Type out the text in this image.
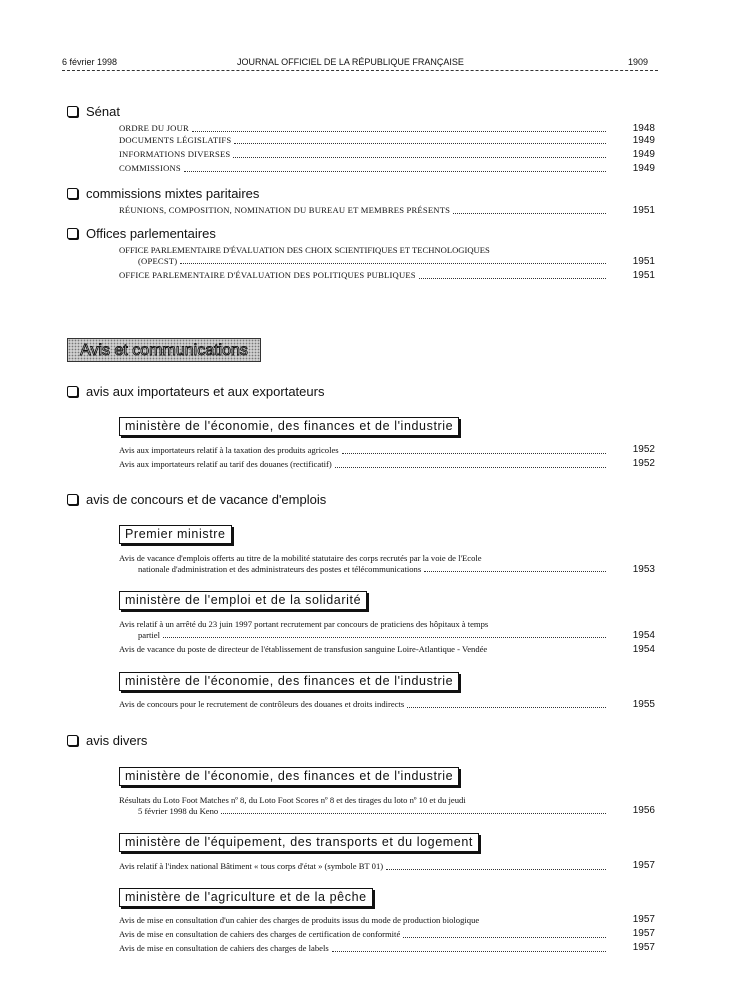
6 février 1998	JOURNAL OFFICIEL DE LA RÉPUBLIQUE FRANÇAISE	1909
Sénat
ORDRE DU JOUR	1948
DOCUMENTS LÉGISLATIFS	1949
INFORMATIONS DIVERSES	1949
COMMISSIONS	1949
commissions mixtes paritaires
RÉUNIONS, COMPOSITION, NOMINATION DU BUREAU ET MEMBRES PRÉSENTS	1951
Offices parlementaires
OFFICE PARLEMENTAIRE D'ÉVALUATION DES CHOIX SCIENTIFIQUES ET TECHNOLOGIQUES
(OPECST)	1951
OFFICE PARLEMENTAIRE D'ÉVALUATION DES POLITIQUES PUBLIQUES	1951
Avis et communications
avis aux importateurs et aux exportateurs
ministère de l'économie, des finances et de l'industrie
Avis aux importateurs relatif à la taxation des produits agricoles	1952
Avis aux importateurs relatif au tarif des douanes (rectificatif)	1952
avis de concours et de vacance d'emplois
Premier ministre
Avis de vacance d'emplois offerts au titre de la mobilité statutaire des corps recrutés par la voie de l'Ecole
nationale d'administration et des administrateurs des postes et télécommunications	1953
ministère de l'emploi et de la solidarité
Avis relatif à un arrêté du 23 juin 1997 portant recrutement par concours de praticiens des hôpitaux à temps
partiel	1954
Avis de vacance du poste de directeur de l'établissement de transfusion sanguine Loire-Atlantique - Vendée	1954
ministère de l'économie, des finances et de l'industrie
Avis de concours pour le recrutement de contrôleurs des douanes et droits indirects	1955
avis divers
ministère de l'économie, des finances et de l'industrie
Résultats du Loto Foot Matches nº 8, du Loto Foot Scores nº 8 et des tirages du loto nº 10 et du jeudi
5 février 1998 du Keno	1956
ministère de l'équipement, des transports et du logement
Avis relatif à l'index national Bâtiment « tous corps d'état » (symbole BT 01)	1957
ministère de l'agriculture et de la pêche
Avis de mise en consultation d'un cahier des charges de produits issus du mode de production biologique	1957
Avis de mise en consultation de cahiers des charges de certification de conformité	1957
Avis de mise en consultation de cahiers des charges de labels	1957
